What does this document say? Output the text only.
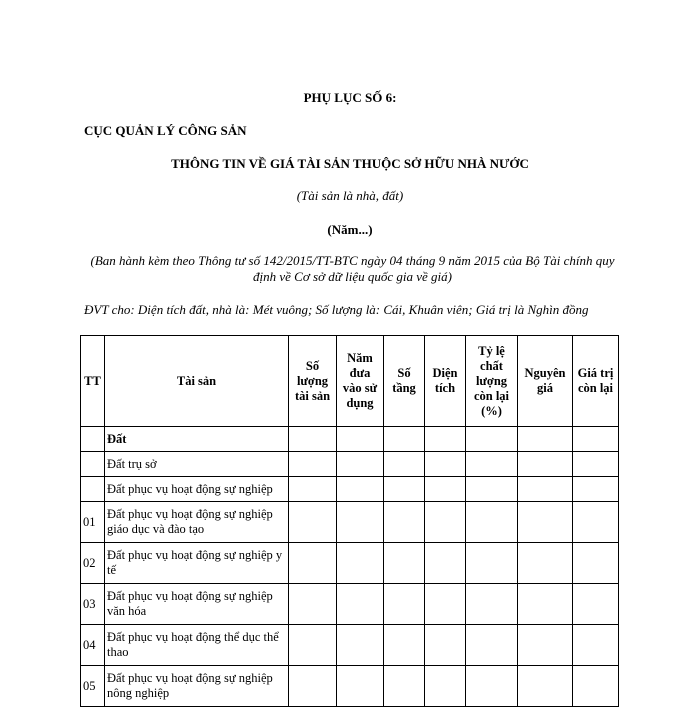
PHỤ LỤC SỐ 6:
CỤC QUẢN LÝ CÔNG SẢN
THÔNG TIN VỀ GIÁ TÀI SẢN THUỘC SỞ HỮU NHÀ NƯỚC
(Tài sản là nhà, đất)
(Năm...)
(Ban hành kèm theo Thông tư số 142/2015/TT-BTC ngày 04 tháng 9 năm 2015 của Bộ Tài chính quy định về Cơ sở dữ liệu quốc gia về giá)
ĐVT cho: Diện tích đất, nhà là: Mét vuông; Số lượng là: Cái, Khuân viên; Giá trị là Nghìn đồng
TT	Tài sản	Số lượng tài sản	Năm đưa vào sử dụng	Số tầng	Diện tích	Tỷ lệ chất lượng còn lại (%)	Nguyên giá	Giá trị còn lại
	Đất							
	Đất trụ sở							
	Đất phục vụ hoạt động sự nghiệp							
01	Đất phục vụ hoạt động sự nghiệp giáo dục và đào tạo							
02	Đất phục vụ hoạt động sự nghiệp y tế							
03	Đất phục vụ hoạt động sự nghiệp văn hóa							
04	Đất phục vụ hoạt động thể dục thể thao							
05	Đất phục vụ hoạt động sự nghiệp nông nghiệp							
